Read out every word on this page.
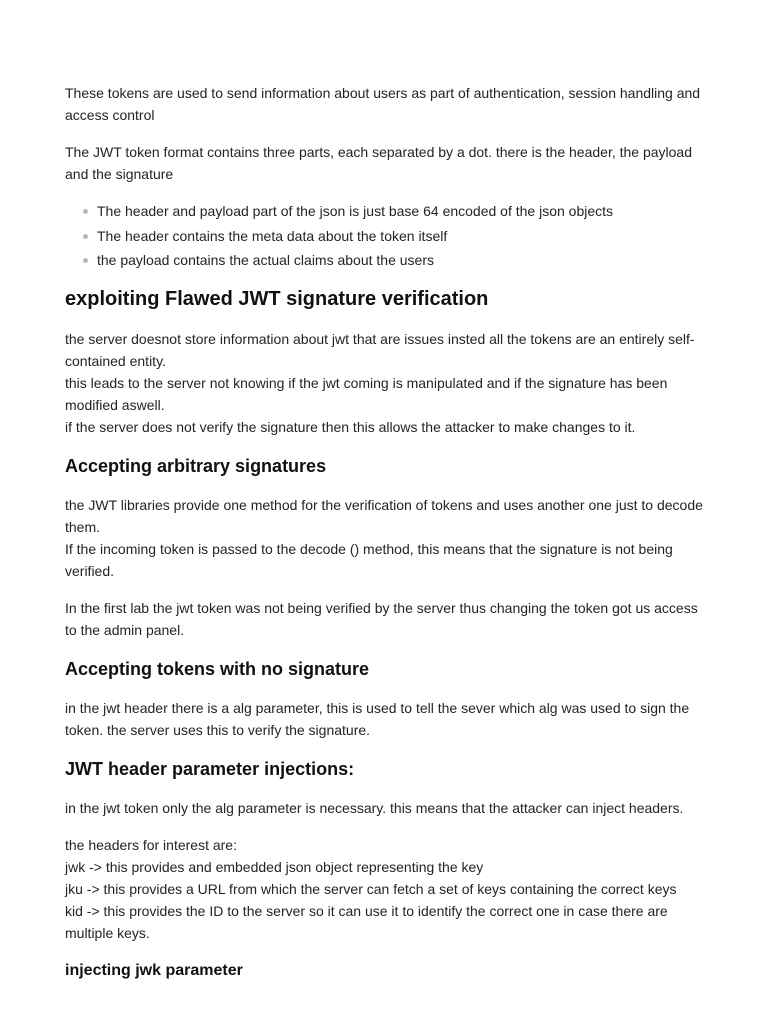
These tokens are used to send information about users as part of authentication, session handling and access control

The JWT token format contains three parts, each separated by a dot. there is the header, the payload and the signature

The header and payload part of the json is just base 64 encoded of the json objects
The header contains the meta data about the token itself
the payload contains the actual claims about the users
exploiting Flawed JWT signature verification

the server doesnot store information about jwt that are issues insted all the tokens are an entirely self-contained entity.
this leads to the server not knowing if the jwt coming is manipulated and if the signature has been modified aswell.
if the server does not verify the signature then this allows the attacker to make changes to it.

Accepting arbitrary signatures

the JWT libraries provide one method for the verification of tokens and uses another one just to decode them.
If the incoming token is passed to the decode () method, this means that the signature is not being verified.

In the first lab the jwt token was not being verified by the server thus changing the token got us access to the admin panel.

Accepting tokens with no signature

in the jwt header there is a alg parameter, this is used to tell the sever which alg was used to sign the token. the server uses this to verify the signature.

JWT header parameter injections:

in the jwt token only the alg parameter is necessary. this means that the attacker can inject headers.

the headers for interest are:
jwk -> this provides and embedded json object representing the key
jku -> this provides a URL from which the server can fetch a set of keys containing the correct keys
kid -> this provides the ID to the server so it can use it to identify the correct one in case there are multiple keys.

injecting jwk parameter
